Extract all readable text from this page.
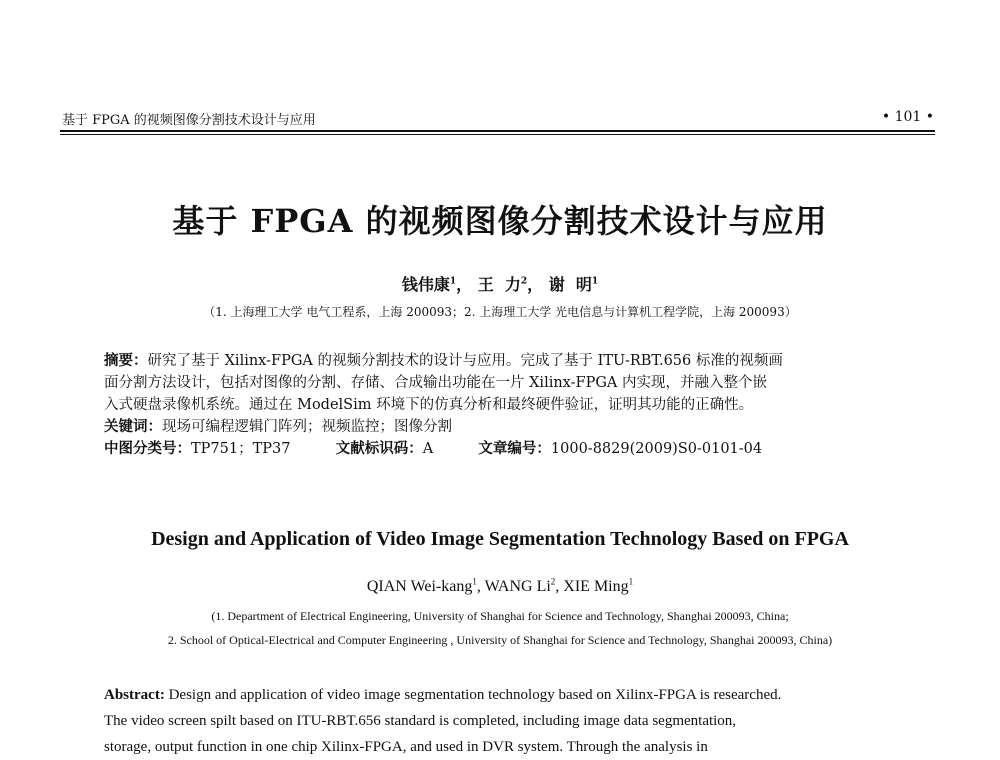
基于 FPGA 的视频图像分割技术设计与应用	• 101 •
基于 FPGA 的视频图像分割技术设计与应用
钱伟康$^1$， 王  力$^2$， 谢  明$^1$
（1. 上海理工大学 电气工程系，上海 200093；2. 上海理工大学 光电信息与计算机工程学院，上海 200093）
摘要：研究了基于 Xilinx-FPGA 的视频分割技术的设计与应用。完成了基于 ITU-RBT.656 标准的视频画
面分割方法设计，包括对图像的分割、存储、合成输出功能在一片 Xilinx-FPGA 内实现，并融入整个嵌
入式硬盘录像机系统。通过在 ModelSim 环境下的仿真分析和最终硬件验证，证明其功能的正确性。
关键词：现场可编程逻辑门阵列；视频监控；图像分割
中图分类号：TP751；TP37	文献标识码：A	文章编号：1000-8829(2009)S0-0101-04
Design and Application of Video Image Segmentation Technology Based on FPGA
QIAN Wei-kang$^1$, WANG Li$^2$, XIE Ming$^1$
(1. Department of Electrical Engineering, University of Shanghai for Science and Technology, Shanghai 200093, China;
2. School of Optical-Electrical and Computer Engineering , University of Shanghai for Science and Technology, Shanghai 200093, China)
Abstract: Design and application of video image segmentation technology based on Xilinx-FPGA is researched.
The video screen spilt based on ITU-RBT.656 standard is completed, including image data segmentation,
storage, output function in one chip Xilinx-FPGA, and used in DVR system. Through the analysis in
